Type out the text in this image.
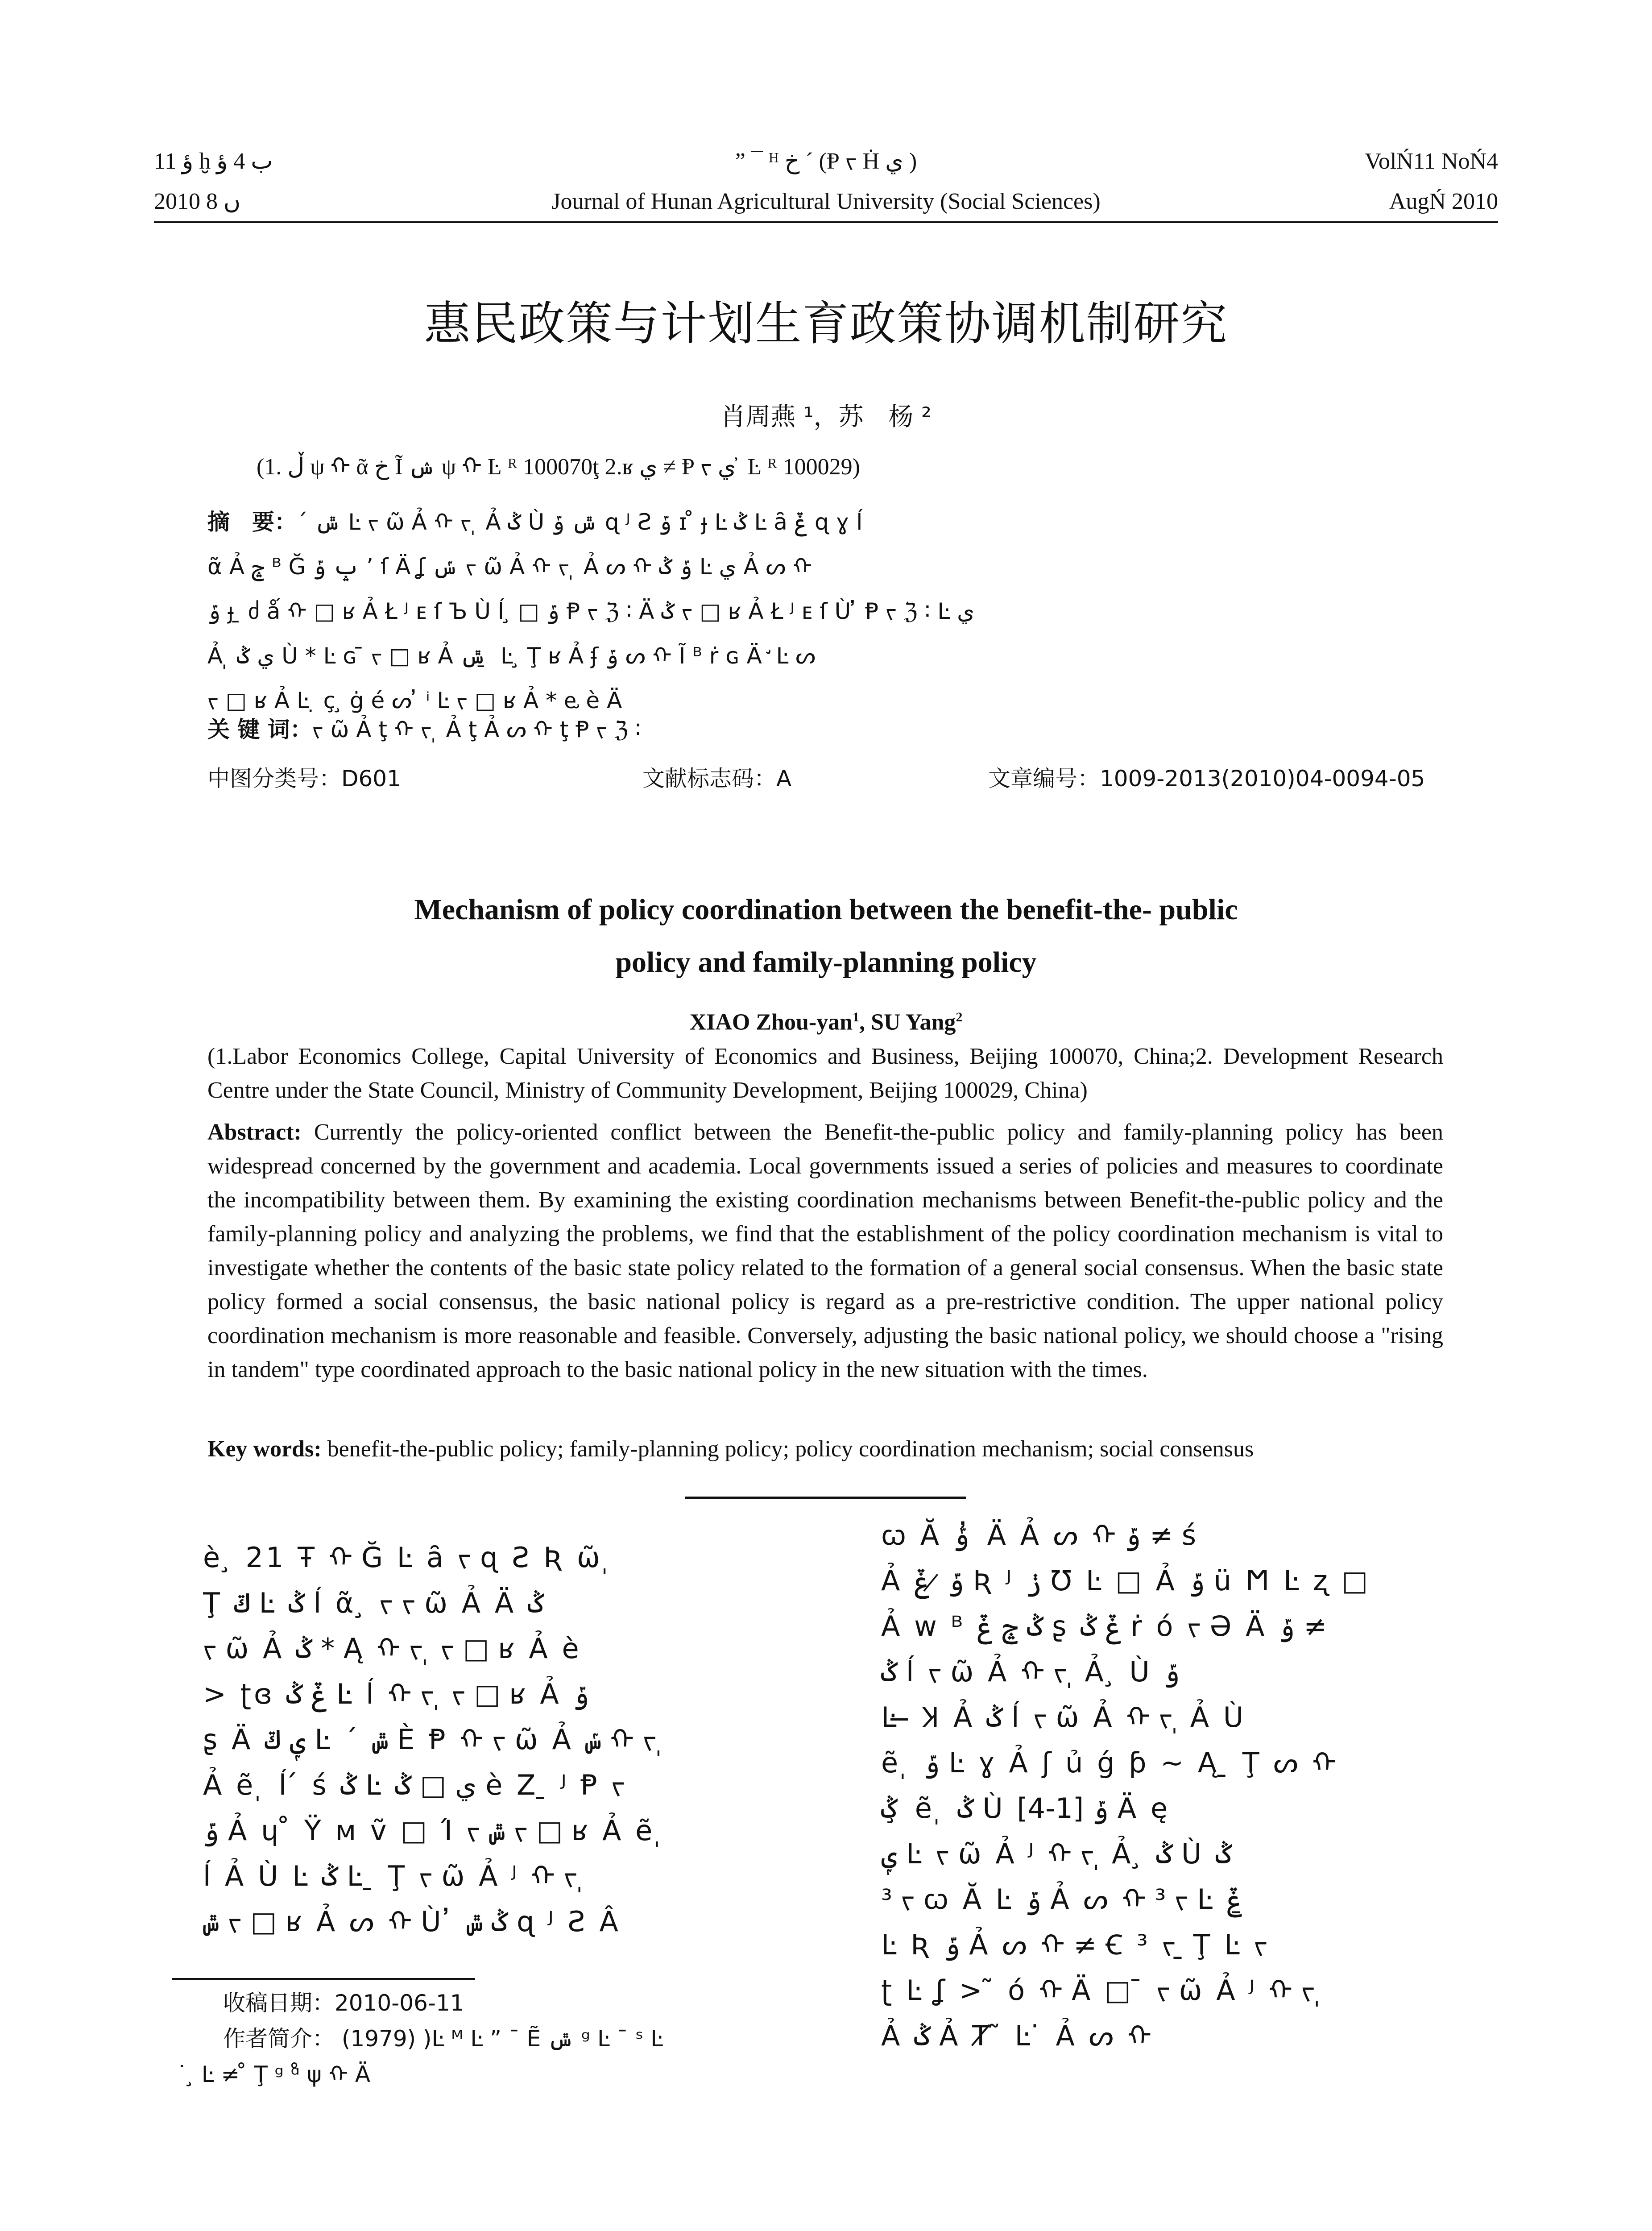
ؤ 11 ḫ ب 4 ؤ
2010 ں 8
” ¯ ᴴ خ ˊ (Ᵽ ᡪ Ḣ ي )
Journal of Hunan Agricultural University (Social Sciences)
VolŃ11 NoŃ4
AugŃ 2010
惠民政策与计划生育政策协调机制研究
肖周燕 ¹，苏　杨 ²
(1. ڵ ψ ᡣ ᾶ خ Ĩ ݾ ψ ᡣ Ŀ ᴿ 100070ţ 2.ʁ ي ≠ Ᵽ ᡪ ي ̓ Ŀ ᴿ 100029)
摘　要：ˊ ݜ Ŀ ᡪ ῶ Ả ᡣ ᡪ ̩ Ả ݣ Ù ݜ ݹ ɋ ᴶ Ꙅ ݹ ɪ ̊ ɟ Ŀ ݣ Ŀ ȃ ݞ ɋ ɣ ĺ
ᾶ Ả ݘ ᴮ Ğ ݒ ݹ ’ ſ Ä ʆ ݽ ᡪ ῶ Ả ᡣ ᡪ ̩ Ả ᔕ ᡣ ݹ ݣ Ŀ ي Ả ᔕ ᡣ
ݹ ɟ ̱ ძ ǻ ᡣ □ ʁ Ả Ł ᴶ ᴇ ſ Ъ Ù ĺ ̧ □ ݹ Ᵽ ᡪ ℨ ∶ Ä ݣ ᡪ □ ʁ Ả Ł ᴶ ᴇ ſ Ù ̓ Ᵽ ᡪ ℨ ∶ Ŀ ي
Ả ̩ ي ݣ Ù * Ŀ ɢ ̄ ᡪ □ ʁ Ả ݜ ̱ Ŀ ̧ Ţ ʁ Ả ʄ ݹ ᔕ ᡣ Ĩ ᴮ ṙ ɢ Ä ̛ Ŀ ᔕ
ᡪ □ ʁ Ả Ŀ ̣ ç ̧ ġ é ᔕ ̓ ⁱ Ŀ ᡪ □ ʁ Ả * ⱸ è Ä
关 键 词：ᡪ ῶ Ả ţ ᡣ ᡪ ̩ Ả ţ Ả ᔕ ᡣ ţ Ᵽ ᡪ ℨ ∶
中图分类号：D601	文献标志码：A	文章编号：1009-2013(2010)04-0094-05
Mechanism of policy coordination between the benefit-the- public
policy and family-planning policy
XIAO Zhou-yan$^1$, SU Yang$^2$
(1.Labor Economics College, Capital University of Economics and Business, Beijing 100070, China;2. Development Research Centre under the State Council, Ministry of Community Development, Beijing 100029, China)
Abstract: Currently the policy-oriented conflict between the Benefit-the-public policy and family-planning policy has been widespread concerned by the government and academia. Local governments issued a series of policies and measures to coordinate the incompatibility between them. By examining the existing coordination mechanisms between Benefit-the-public policy and the family-planning policy and analyzing the problems, we find that the establishment of the policy coordination mechanism is vital to investigate whether the contents of the basic state policy related to the formation of a general social consensus. When the basic state policy formed a social consensus, the basic national policy is regard as a pre-restrictive condition. The upper national policy coordination mechanism is more reasonable and feasible. Conversely, adjusting the basic national policy, we should choose a "rising in tandem" type coordinated approach to the basic national policy in the new situation with the times.
Key words: benefit-the-public policy; family-planning policy; policy coordination mechanism; social consensus
è ̧ 21 Ŧ ᡣ Ğ Ŀ ȃ ᡪ ɋ Ꙅ Ʀ ῶ ̩
Ţ ݿ Ŀ ݣ ĺ ᾶ ̧ ᡪ ᡪ ῶ Ả Ä ݣ
ᡪ ῶ Ả ݣ * Ą ᡣ ᡪ ̩ ᡪ □ ʁ Ả è
> ʈɞ ݞ ݣ Ŀ ĺ ᡣ ᡪ ̩ ᡪ □ ʁ Ả ݹ
ʂ Ä ݷ ݿ Ŀ ˊ ݜ È Ᵽ ᡣ ᡪ ῶ Ả ݽ ᡣ ᡪ ̩
Ả ẽ ̩ ĺ ́ ś ݣ Ŀ ي □ ݣ è Z ̱ ᴶ Ᵽ ᡪ
ݹ Ả ɥ ̊ Ÿ ᴍ ṽ □ Ί ᡪ ݜ ᡪ □ ʁ Ả ẽ ̩
ĺ Ả Ù Ŀ ݣ Ŀ ̱ Ţ ᡪ ῶ Ả ᴶ ᡣ ᡪ ̩
ݜ ᡪ □ ʁ Ả ᔕ ᡣ Ù ̓ ݣ ݜ ɋ ᴶ Ꙅ Â
收稿日期：2010-06-11
作者简介： (1979) )Ŀ ᴹ Ŀ ” ¯ Ẽ ݜ ᵍ Ŀ ¯ ˢ Ŀ
˙ ̧ Ŀ ≠ ̊ Ţ ᵍ ᵅ̊ ψ ᡣ Ä
ꞷ Ă ݹ ̓ Ä Ả ᔕ ᡣ ݹ ≠ ś
Ả ݹ ̷ ݞ Ʀ ᴶ ݫ Ʊ Ŀ □ Ả ݹ ü Ϻ Ŀ ʐ □
Ả ᴡ ᴮ ݣ ݘ ݞ ʂ ݞ ݣ ṙ ó ᡪ Ə Ä ݹ ≠
ݣ ĺ ᡪ ῶ Ả ᡣ ᡪ ̩ Ả ̧ Ù ݹ
Ŀ ̶ Ʞ Ả ݣ ĺ ᡪ ῶ Ả ᡣ ᡪ ̩ Ả Ù
ẽ ̩ ݹ Ŀ ɣ Ả ʃ ủ ǵ ƥ ~ Ą ̱ Ţ ᔕ ᡣ
ݣ ̧ ẽ ̩ ݣ Ù ݹ [1-4] Ä ę
ݷ Ŀ ᡪ ῶ Ả ᴶ ᡣ ᡪ ̩ Ả ̧ ݣ Ù ݣ
³ ᡪ ꞷ Ă Ŀ ݹ Ả ᔕ ᡣ ³ ᡪ Ŀ ݞ ̱
Ŀ Ʀ ݹ Ả ᔕ ᡣ ≠ Ꞓ ³ ᡪ ̱ Ţ Ŀ ᡪ
ʈ Ŀ ʆ > ̃ ó ᡣ Ä □ ̄ ᡪ ῶ Ả ᴶ ᡣ ᡪ ̩
Ả ݣ Ả Ⱦ ̃ Ŀ ̇ Ả ᔕ ᡣ
